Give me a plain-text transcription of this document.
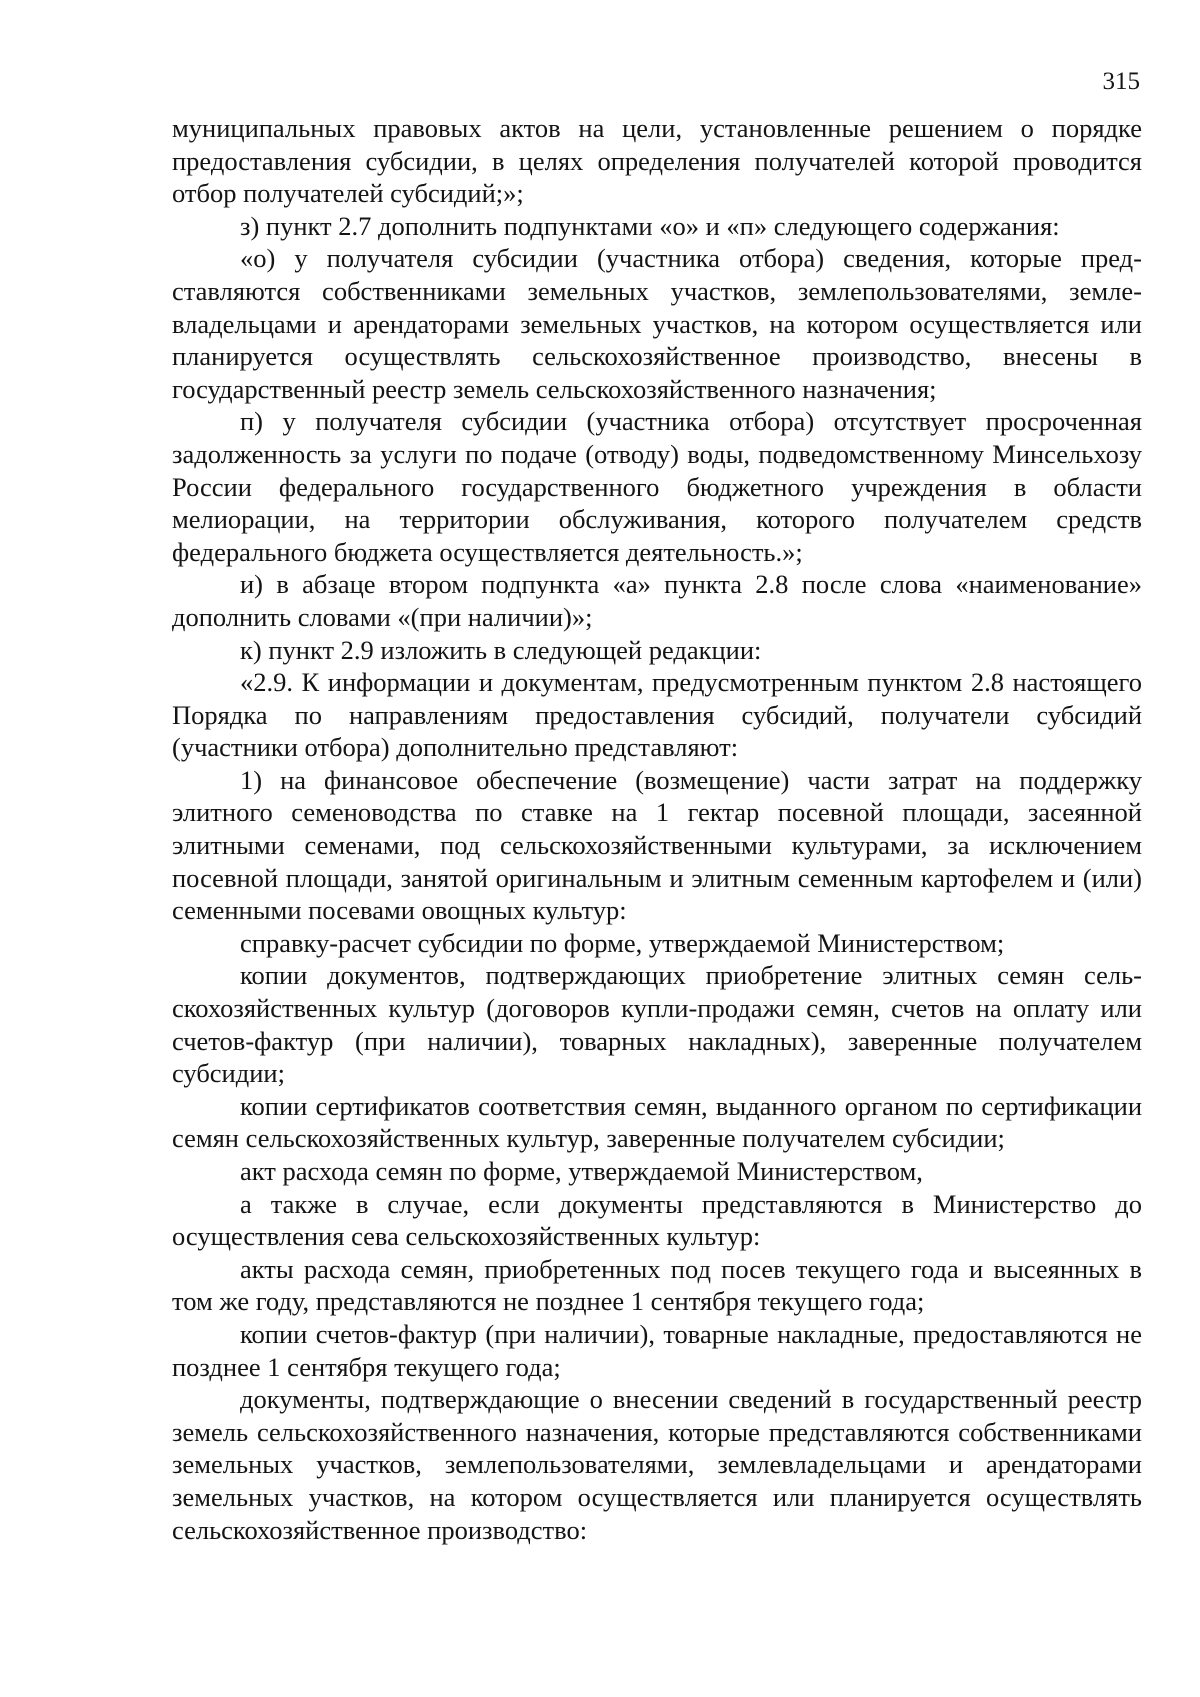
315

муниципальных правовых актов на цели, установленные решением о порядке предоставления субсидии, в целях определения получателей которой проводится отбор получателей субсидий;»;

з) пункт 2.7 дополнить подпунктами «о» и «п» следующего содержания:

«о) у получателя субсидии (участника отбора) сведения, которые представляются собственниками земельных участков, землепользователями, землевладельцами и арендаторами земельных участков, на котором осуществляется или планируется осуществлять сельскохозяйственное производство, внесены в государственный реестр земель сельскохозяйственного назначения;

п) у получателя субсидии (участника отбора) отсутствует просроченная задолженность за услуги по подаче (отводу) воды, подведомственному Минсельхозу России федерального государственного бюджетного учреждения в области мелиорации, на территории обслуживания, которого получателем средств федерального бюджета осуществляется деятельность.»;

и) в абзаце втором подпункта «а» пункта 2.8 после слова «наименование» дополнить словами «(при наличии)»;

к) пункт 2.9 изложить в следующей редакции:

«2.9. К информации и документам, предусмотренным пунктом 2.8 настоящего Порядка по направлениям предоставления субсидий, получатели субсидий (участники отбора) дополнительно представляют:

1) на финансовое обеспечение (возмещение) части затрат на поддержку элитного семеноводства по ставке на 1 гектар посевной площади, засеянной элитными семенами, под сельскохозяйственными культурами, за исключением посевной площади, занятой оригинальным и элитным семенным картофелем и (или) семенными посевами овощных культур:

справку-расчет субсидии по форме, утверждаемой Министерством;

копии документов, подтверждающих приобретение элитных семян сельскохозяйственных культур (договоров купли-продажи семян, счетов на оплату или счетов-фактур (при наличии), товарных накладных), заверенные получателем субсидии;

копии сертификатов соответствия семян, выданного органом по сертификации семян сельскохозяйственных культур, заверенные получателем субсидии;

акт расхода семян по форме, утверждаемой Министерством,

а также в случае, если документы представляются в Министерство до осуществления сева сельскохозяйственных культур:

акты расхода семян, приобретенных под посев текущего года и высеянных в том же году, представляются не позднее 1 сентября текущего года;

копии счетов-фактур (при наличии), товарные накладные, предоставляются не позднее 1 сентября текущего года;

документы, подтверждающие о внесении сведений в государственный реестр земель сельскохозяйственного назначения, которые представляются собственниками земельных участков, землепользователями, землевладельцами и арендаторами земельных участков, на котором осуществляется или планируется осуществлять сельскохозяйственное производство:
